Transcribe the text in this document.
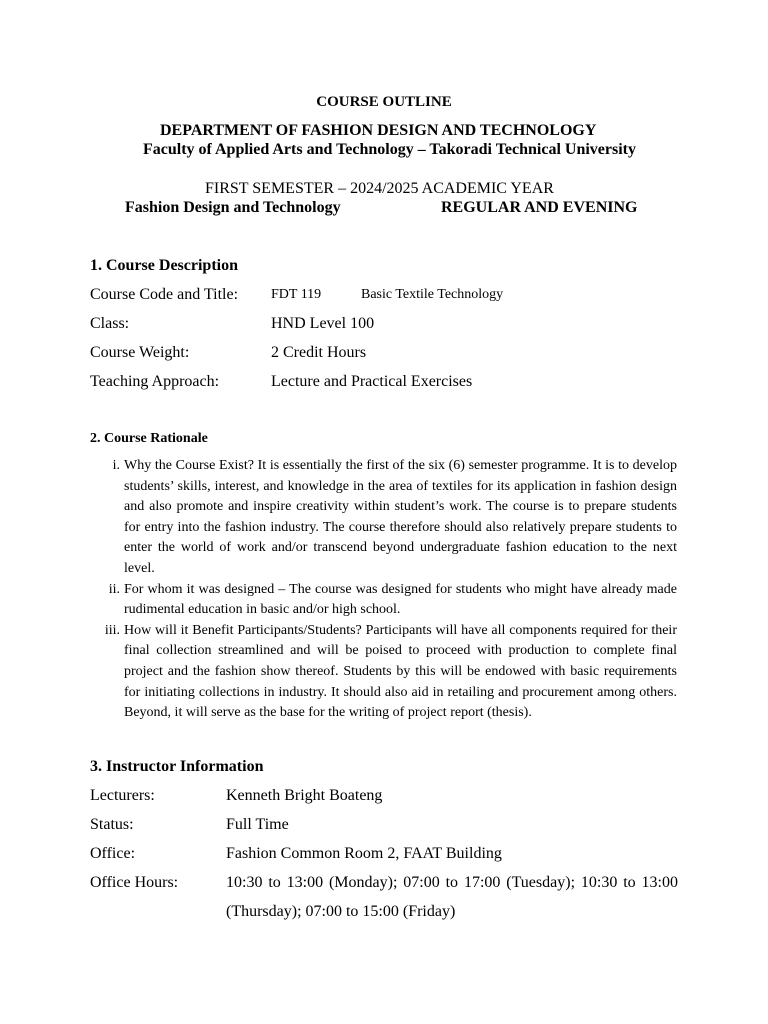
COURSE OUTLINE
DEPARTMENT OF FASHION DESIGN AND TECHNOLOGY
Faculty of Applied Arts and Technology – Takoradi Technical University
FIRST SEMESTER – 2024/2025 ACADEMIC YEAR
Fashion Design and Technology	REGULAR AND EVENING
1. Course Description
Course Code and Title: FDT 119	Basic Textile Technology
Class:	HND Level 100
Course Weight:	2 Credit Hours
Teaching Approach:	Lecture and Practical Exercises
2. Course Rationale

i. Why the Course Exist? It is essentially the first of the six (6) semester programme. It is to develop students’ skills, interest, and knowledge in the area of textiles for its application in fashion design and also promote and inspire creativity within student’s work. The course is to prepare students for entry into the fashion industry. The course therefore should also relatively prepare students to enter the world of work and/or transcend beyond undergraduate fashion education to the next level.

ii. For whom it was designed – The course was designed for students who might have already made rudimental education in basic and/or high school.

iii. How will it Benefit Participants/Students? Participants will have all components required for their final collection streamlined and will be poised to proceed with production to complete final project and the fashion show thereof. Students by this will be endowed with basic requirements for initiating collections in industry. It should also aid in retailing and procurement among others. Beyond, it will serve as the base for the writing of project report (thesis).

3. Instructor Information
Lecturers:	Kenneth Bright Boateng
Status:	Full Time
Office:	Fashion Common Room 2, FAAT Building
Office Hours:	10:30 to 13:00 (Monday); 07:00 to 17:00 (Tuesday); 10:30 to 13:00 (Thursday); 07:00 to 15:00 (Friday)
